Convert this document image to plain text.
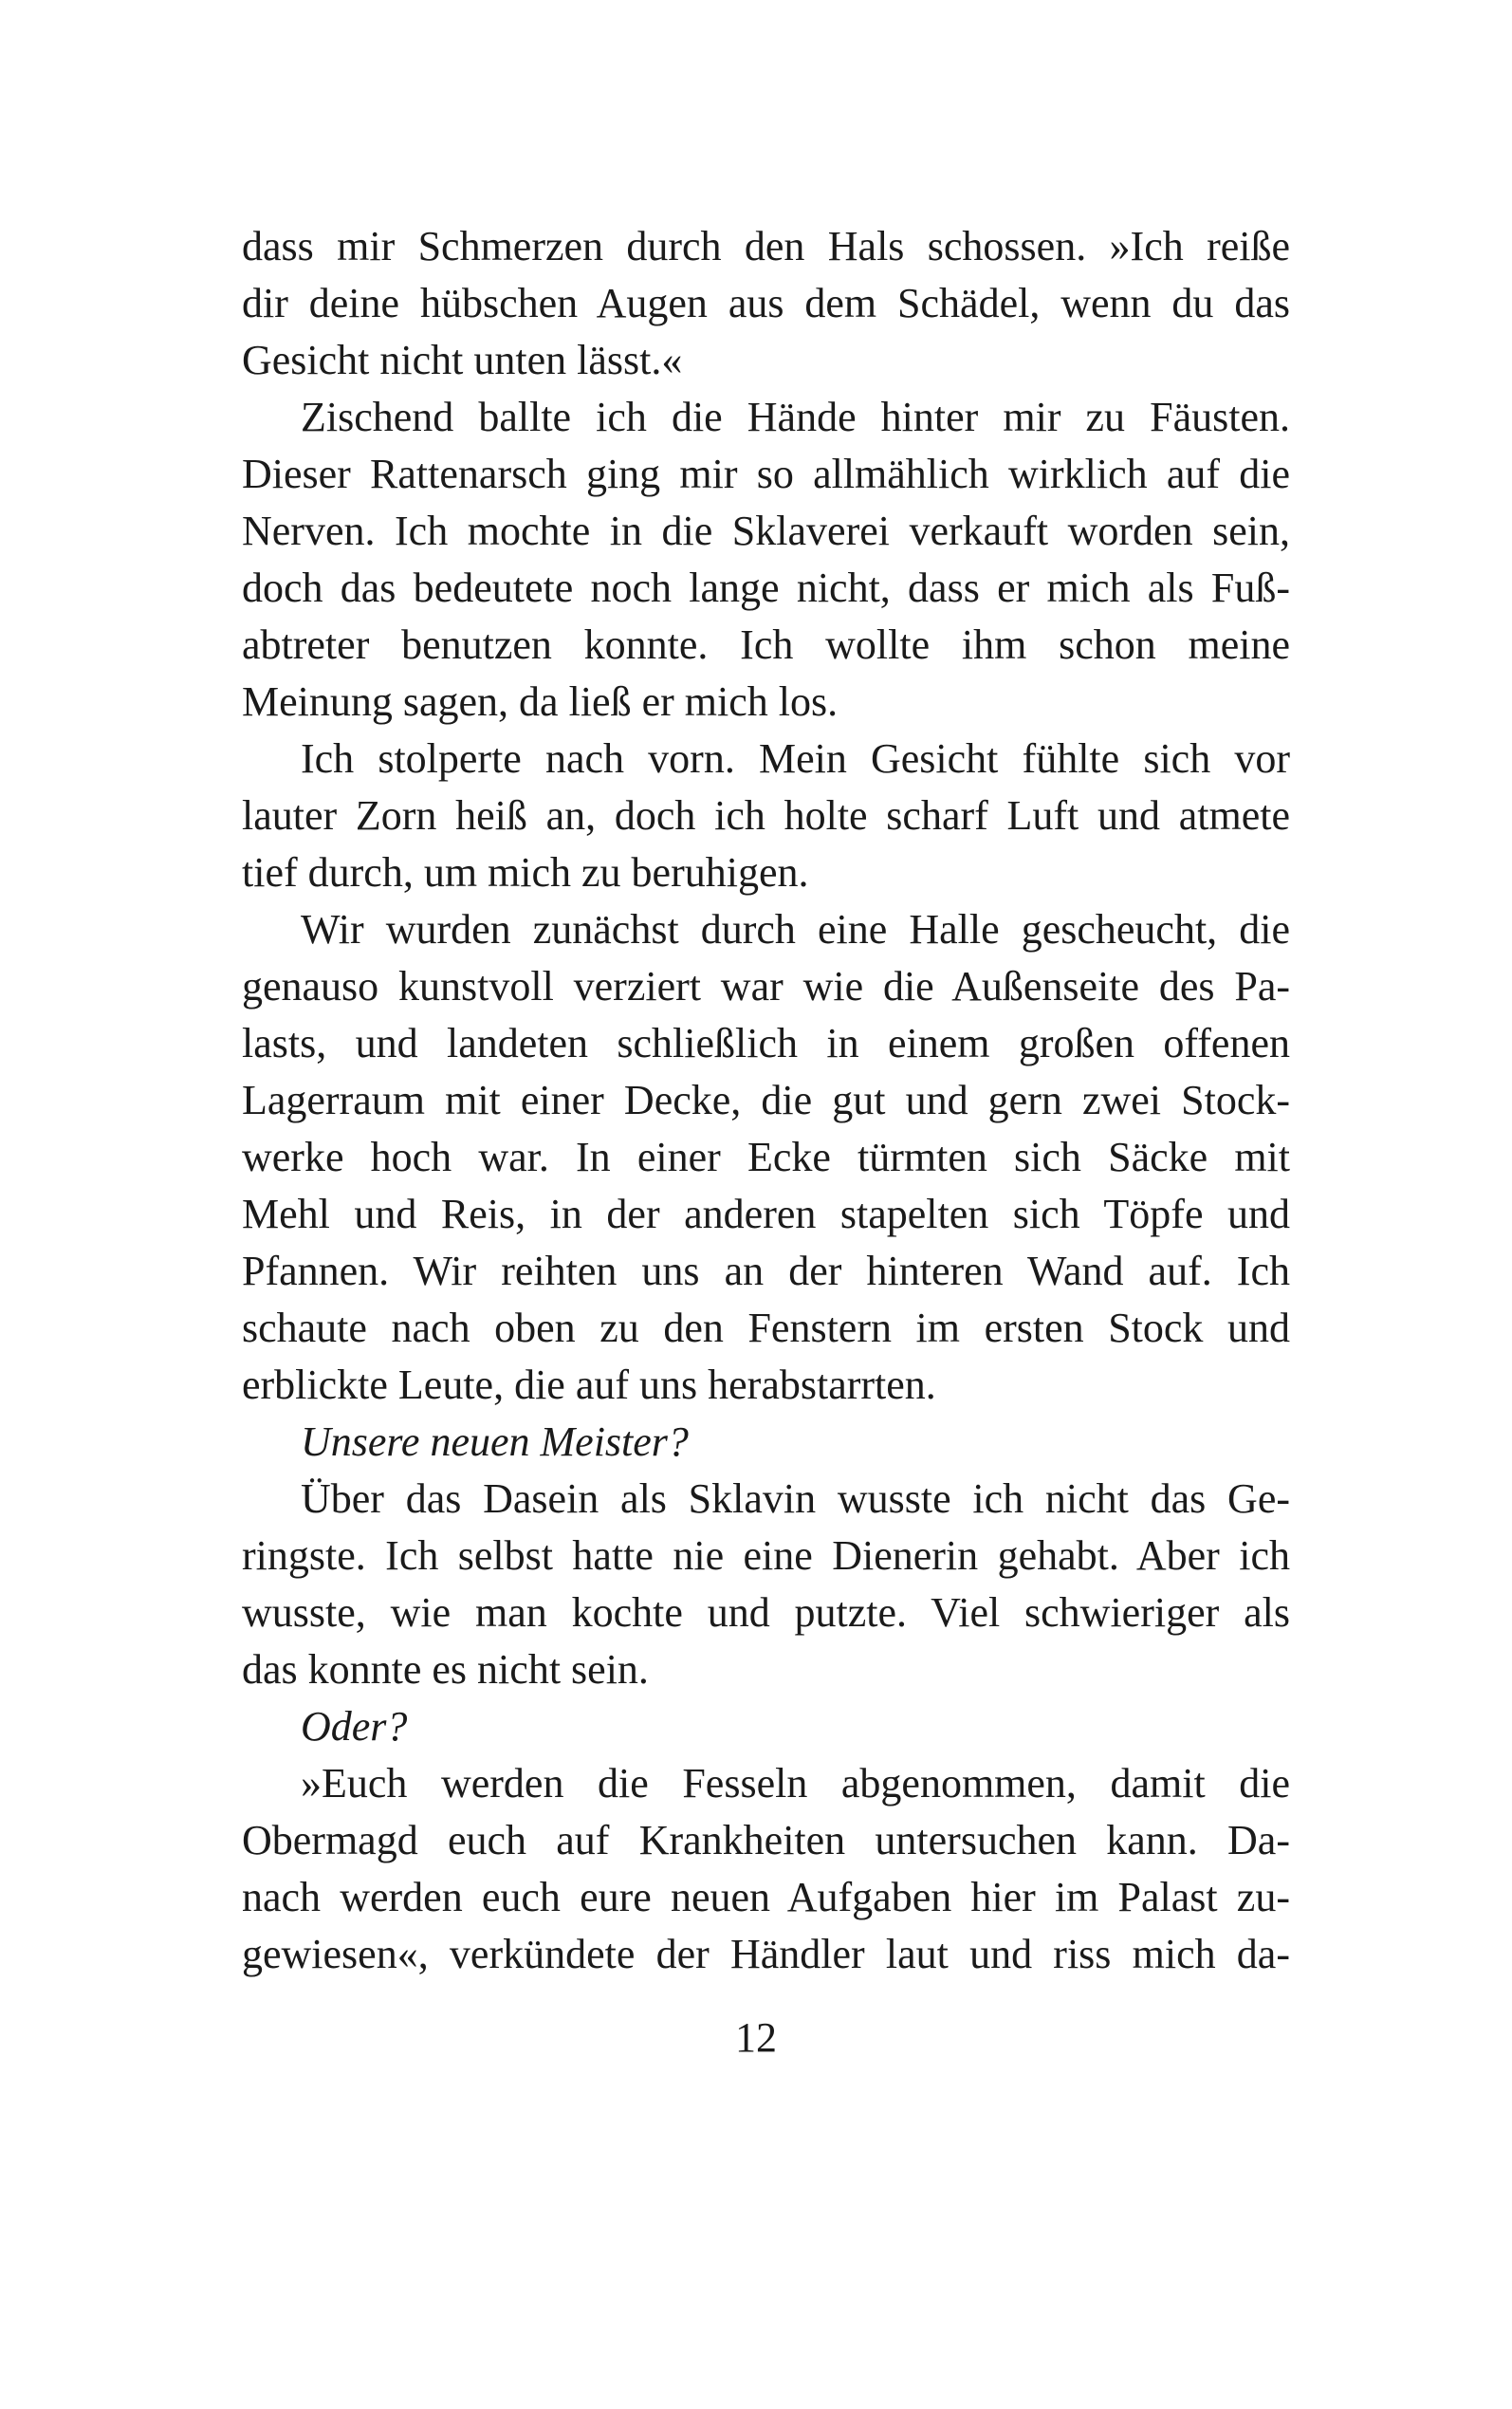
dass mir Schmerzen durch den Hals schossen. »Ich reiße
dir deine hübschen Augen aus dem Schädel, wenn du das
Gesicht nicht unten lässt.«
Zischend ballte ich die Hände hinter mir zu Fäusten.
Dieser Rattenarsch ging mir so allmählich wirklich auf die
Nerven. Ich mochte in die Sklaverei verkauft worden sein,
doch das bedeutete noch lange nicht, dass er mich als Fuß-
abtreter benutzen konnte. Ich wollte ihm schon meine
Meinung sagen, da ließ er mich los.
Ich stolperte nach vorn. Mein Gesicht fühlte sich vor
lauter Zorn heiß an, doch ich holte scharf Luft und atmete
tief durch, um mich zu beruhigen.
Wir wurden zunächst durch eine Halle gescheucht, die
genauso kunstvoll verziert war wie die Außenseite des Pa-
lasts, und landeten schließlich in einem großen offenen
Lagerraum mit einer Decke, die gut und gern zwei Stock-
werke hoch war. In einer Ecke türmten sich Säcke mit
Mehl und Reis, in der anderen stapelten sich Töpfe und
Pfannen. Wir reihten uns an der hinteren Wand auf. Ich
schaute nach oben zu den Fenstern im ersten Stock und
erblickte Leute, die auf uns herabstarrten.
Unsere neuen Meister?
Über das Dasein als Sklavin wusste ich nicht das Ge-
ringste. Ich selbst hatte nie eine Dienerin gehabt. Aber ich
wusste, wie man kochte und putzte. Viel schwieriger als
das konnte es nicht sein.
Oder?
»Euch werden die Fesseln abgenommen, damit die
Obermagd euch auf Krankheiten untersuchen kann. Da-
nach werden euch eure neuen Aufgaben hier im Palast zu-
gewiesen«, verkündete der Händler laut und riss mich da-
12
